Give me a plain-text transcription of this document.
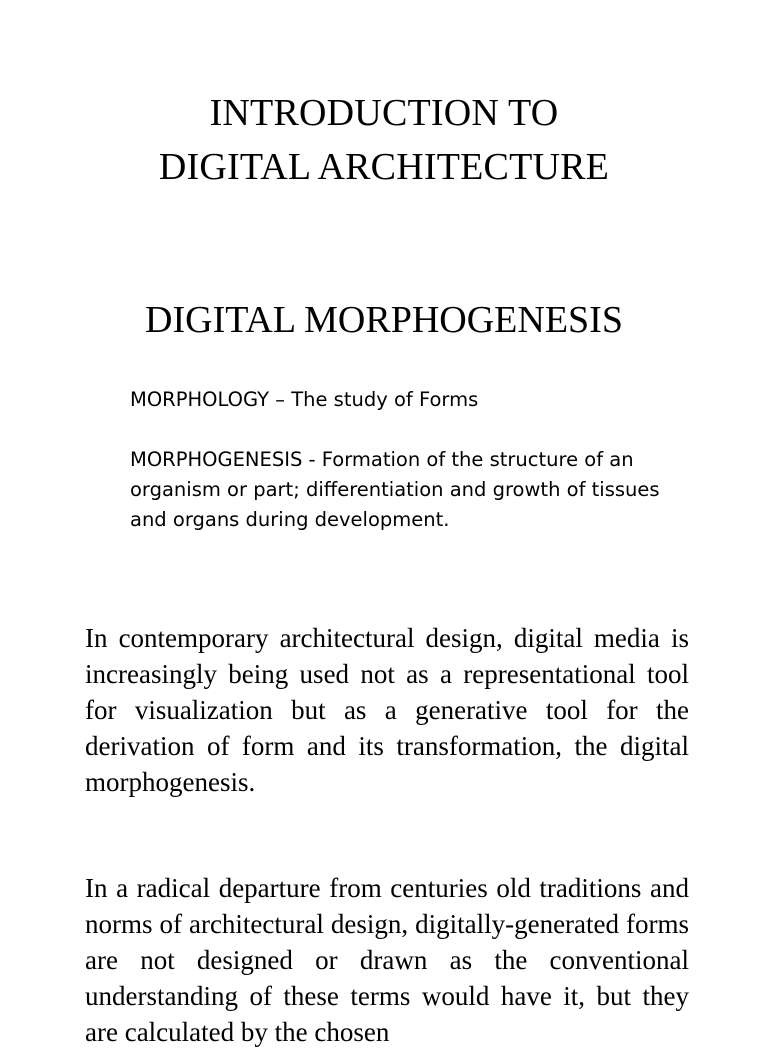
INTRODUCTION TO
DIGITAL ARCHITECTURE
DIGITAL MORPHOGENESIS

MORPHOLOGY – The study of Forms

MORPHOGENESIS - Formation of the structure of an organism or part; differentiation and growth of tissues and organs during development.

In contemporary architectural design, digital media is increasingly being used not as a representational tool for visualization but as a generative tool for the derivation of form and its transformation, the digital morphogenesis.

In a radical departure from centuries old traditions and norms of architectural design, digitally-generated forms are not designed or drawn as the conventional understanding of these terms would have it, but they are calculated by the chosen
